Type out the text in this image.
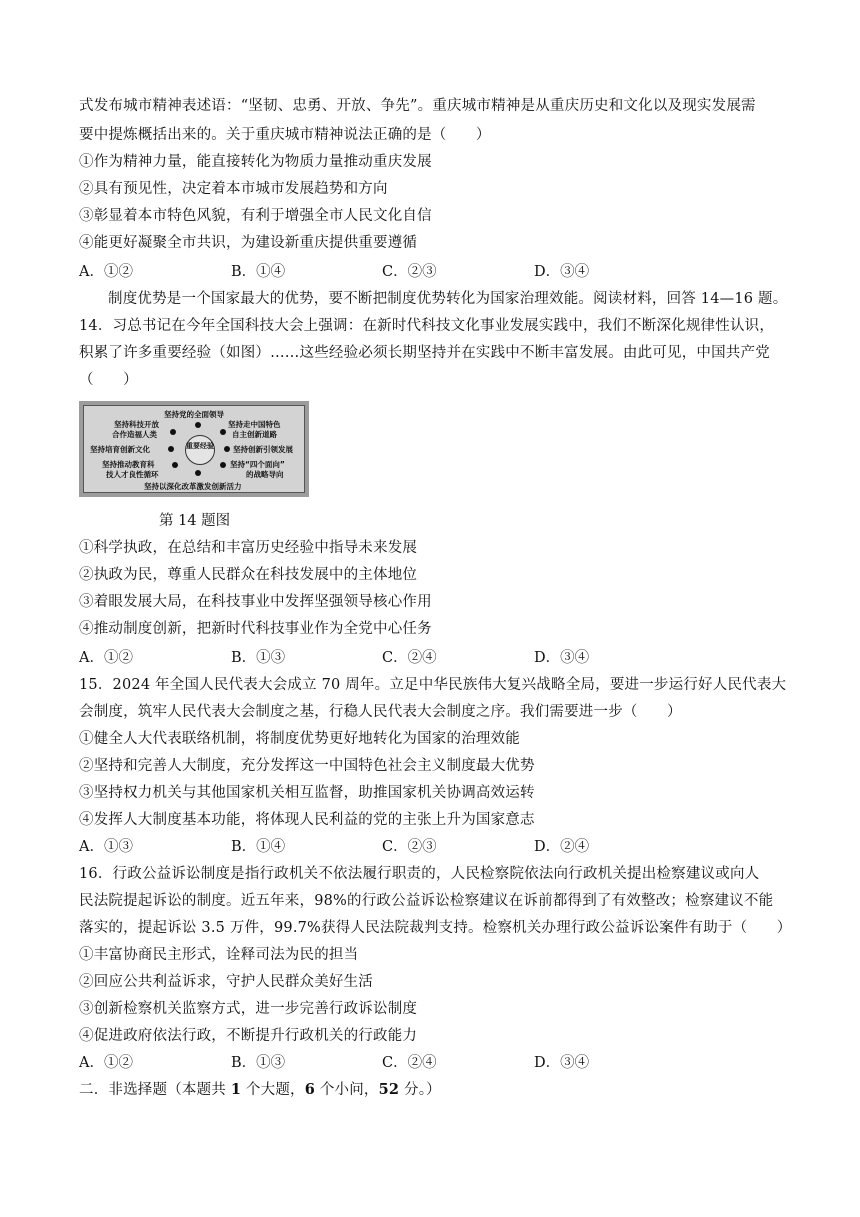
式发布城市精神表述语：“坚韧、忠勇、开放、争先”。重庆城市精神是从重庆历史和文化以及现实发展需
要中提炼概括出来的。关于重庆城市精神说法正确的是（　　）
①作为精神力量，能直接转化为物质力量推动重庆发展
②具有预见性，决定着本市城市发展趋势和方向
③彰显着本市特色风貌，有利于增强全市人民文化自信
④能更好凝聚全市共识，为建设新重庆提供重要遵循
A．①②	B．①④	C．②③	D．③④
制度优势是一个国家最大的优势，要不断把制度优势转化为国家治理效能。阅读材料，回答 14—16 题。
14．习总书记在今年全国科技大会上强调：在新时代科技文化事业发展实践中，我们不断深化规律性认识，
积累了许多重要经验（如图）……这些经验必须长期坚持并在实践中不断丰富发展。由此可见，中国共产党
（　　）
坚持党的全面领导
坚持科技开放
合作造福人类
坚持走中国特色
自主创新道路
坚持培育创新文化	坚持创新引领发展
重要经验
坚持推动教育科
技人才良性循环
坚持“四个面向”
的战略导向
坚持以深化改革激发创新活力
第 14 题图
①科学执政，在总结和丰富历史经验中指导未来发展
②执政为民，尊重人民群众在科技发展中的主体地位
③着眼发展大局，在科技事业中发挥坚强领导核心作用
④推动制度创新，把新时代科技事业作为全党中心任务
A．①②	B．①③	C．②④	D．③④
15．2024 年全国人民代表大会成立 70 周年。立足中华民族伟大复兴战略全局，要进一步运行好人民代表大
会制度，筑牢人民代表大会制度之基，行稳人民代表大会制度之序。我们需要进一步（　　）
①健全人大代表联络机制，将制度优势更好地转化为国家的治理效能
②坚持和完善人大制度，充分发挥这一中国特色社会主义制度最大优势
③坚持权力机关与其他国家机关相互监督，助推国家机关协调高效运转
④发挥人大制度基本功能，将体现人民利益的党的主张上升为国家意志
A．①③	B．①④	C．②③	D．②④
16．行政公益诉讼制度是指行政机关不依法履行职责的，人民检察院依法向行政机关提出检察建议或向人
民法院提起诉讼的制度。近五年来，98%的行政公益诉讼检察建议在诉前都得到了有效整改；检察建议不能
落实的，提起诉讼 3.5 万件，99.7%获得人民法院裁判支持。检察机关办理行政公益诉讼案件有助于（　　）
①丰富协商民主形式，诠释司法为民的担当
②回应公共利益诉求，守护人民群众美好生活
③创新检察机关监察方式，进一步完善行政诉讼制度
④促进政府依法行政，不断提升行政机关的行政能力
A．①②	B．①③	C．②④	D．③④
二．非选择题（本题共 1 个大题，6 个小问，52 分。）
